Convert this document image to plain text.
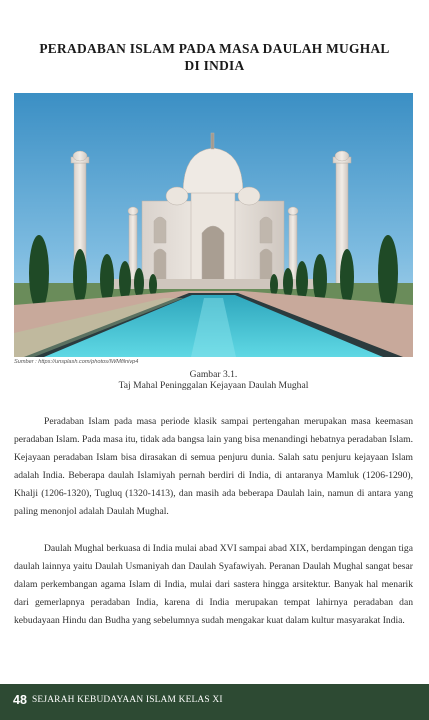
PERADABAN ISLAM PADA MASA DAULAH MUGHAL
DI INDIA
Sumber : https://unsplash.com/photos/IWMfilnivp4
Gambar 3.1.
Taj Mahal Peninggalan Kejayaan Daulah Mughal

Peradaban Islam pada masa periode klasik sampai pertengahan merupakan masa keemasan peradaban Islam. Pada masa itu, tidak ada bangsa lain yang bisa menandingi hebatnya peradaban Islam. Kejayaan peradaban Islam bisa dirasakan di semua penjuru dunia. Salah satu penjuru kejayaan Islam adalah India. Beberapa daulah Islamiyah pernah berdiri di India, di antaranya Mamluk (1206-1290), Khalji (1206-1320), Tugluq (1320-1413), dan masih ada beberapa Daulah lain, namun di antara yang paling menonjol adalah Daulah Mughal.

Daulah Mughal berkuasa di India mulai abad XVI sampai abad XIX, berdampingan dengan tiga daulah lainnya yaitu Daulah Usmaniyah dan Daulah Syafawiyah. Peranan Daulah Mughal sangat besar dalam perkembangan agama Islam di India, mulai dari sastera hingga arsitektur. Banyak hal menarik dari gemerlapnya peradaban India, karena di India merupakan tempat lahirnya peradaban dan kebudayaan Hindu dan Budha yang sebelumnya sudah mengakar kuat dalam kultur masyarakat India.

48 SEJARAH KEBUDAYAAN ISLAM KELAS XI
